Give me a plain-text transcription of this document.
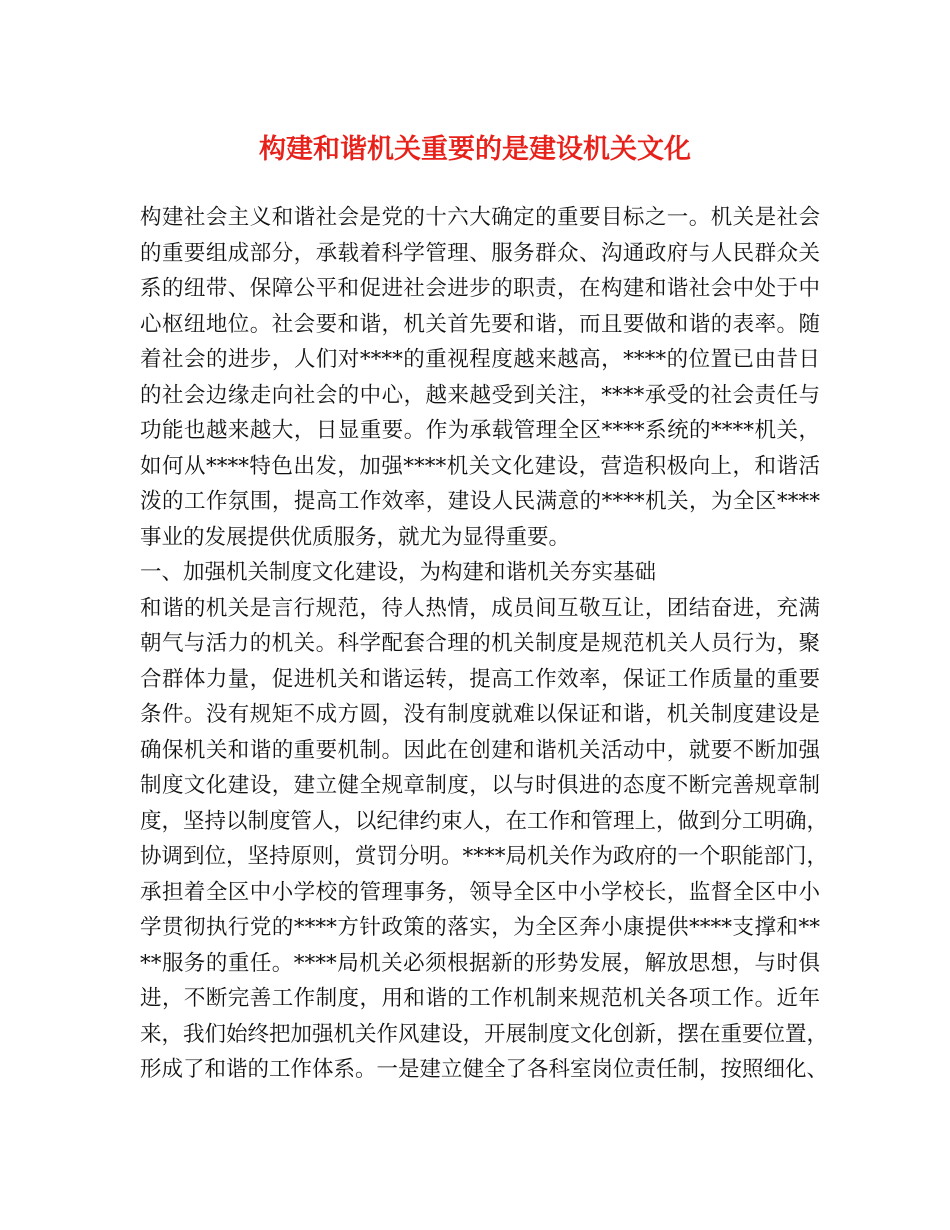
构建和谐机关重要的是建设机关文化
构建社会主义和谐社会是党的十六大确定的重要目标之一。机关是社会
的重要组成部分，承载着科学管理、服务群众、沟通政府与人民群众关
系的纽带、保障公平和促进社会进步的职责，在构建和谐社会中处于中
心枢纽地位。社会要和谐，机关首先要和谐，而且要做和谐的表率。随
着社会的进步，人们对****的重视程度越来越高，****的位置已由昔日
的社会边缘走向社会的中心，越来越受到关注，****承受的社会责任与
功能也越来越大，日显重要。作为承载管理全区****系统的****机关，
如何从****特色出发，加强****机关文化建设，营造积极向上，和谐活
泼的工作氛围，提高工作效率，建设人民满意的****机关，为全区****
事业的发展提供优质服务，就尤为显得重要。
一、加强机关制度文化建设，为构建和谐机关夯实基础
和谐的机关是言行规范，待人热情，成员间互敬互让，团结奋进，充满
朝气与活力的机关。科学配套合理的机关制度是规范机关人员行为，聚
合群体力量，促进机关和谐运转，提高工作效率，保证工作质量的重要
条件。没有规矩不成方圆，没有制度就难以保证和谐，机关制度建设是
确保机关和谐的重要机制。因此在创建和谐机关活动中，就要不断加强
制度文化建设，建立健全规章制度，以与时俱进的态度不断完善规章制
度，坚持以制度管人，以纪律约束人，在工作和管理上，做到分工明确，
协调到位，坚持原则，赏罚分明。****局机关作为政府的一个职能部门，
承担着全区中小学校的管理事务，领导全区中小学校长，监督全区中小
学贯彻执行党的****方针政策的落实，为全区奔小康提供****支撑和**
**服务的重任。****局机关必须根据新的形势发展，解放思想，与时俱
进，不断完善工作制度，用和谐的工作机制来规范机关各项工作。近年
来，我们始终把加强机关作风建设，开展制度文化创新，摆在重要位置，
形成了和谐的工作体系。一是建立健全了各科室岗位责任制，按照细化、
